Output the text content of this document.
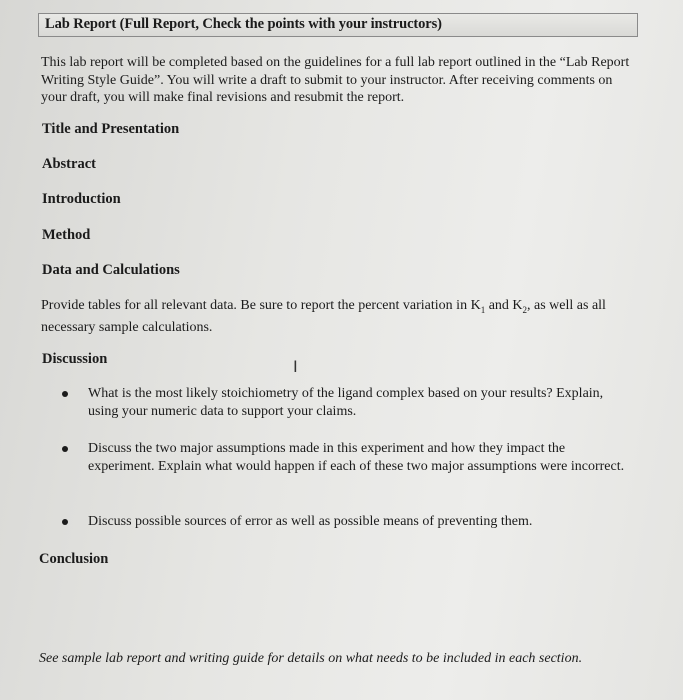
Lab Report (Full Report, Check the points with your instructors)
This lab report will be completed based on the guidelines for a full lab report outlined in the “Lab Report Writing Style Guide”. You will write a draft to submit to your instructor. After receiving comments on your draft, you will make final revisions and resubmit the report.
Title and Presentation
Abstract
Introduction
Method
Data and Calculations
Provide tables for all relevant data. Be sure to report the percent variation in $K_1$ and $K_2$, as well as all necessary sample calculations.
Discussion	I
What is the most likely stoichiometry of the ligand complex based on your results? Explain, using your numeric data to support your claims.
Discuss the two major assumptions made in this experiment and how they impact the experiment. Explain what would happen if each of these two major assumptions were incorrect.
Discuss possible sources of error as well as possible means of preventing them.
Conclusion
See sample lab report and writing guide for details on what needs to be included in each section.
